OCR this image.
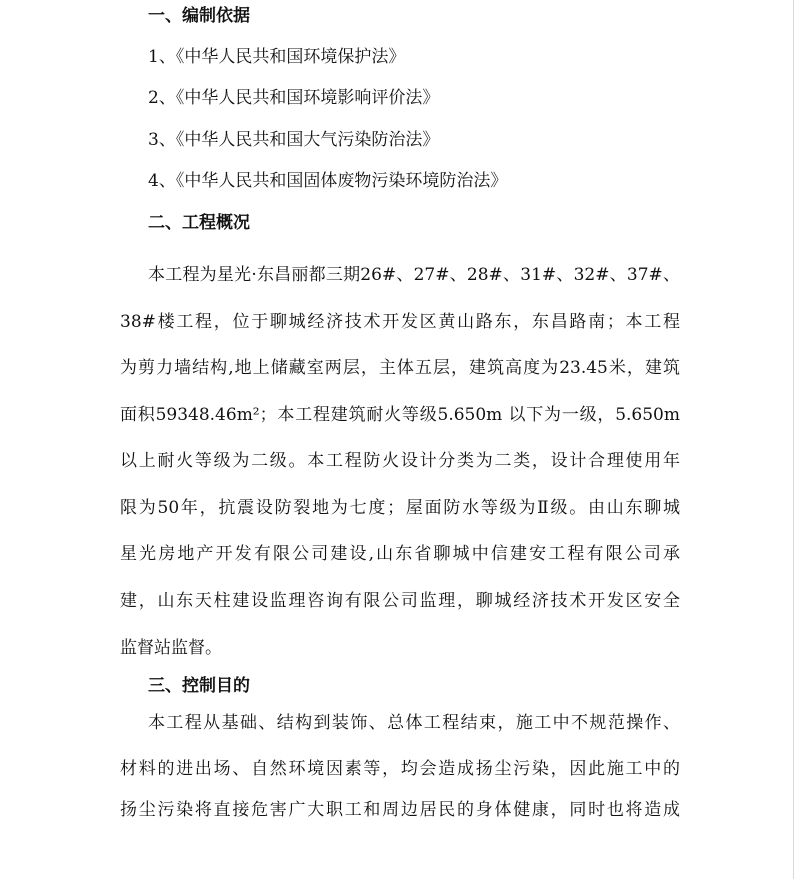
一、编制依据
1、《中华人民共和国环境保护法》
2、《中华人民共和国环境影响评价法》
3、《中华人民共和国大气污染防治法》
4、《中华人民共和国固体废物污染环境防治法》
二、工程概况
本工程为星光·东昌丽都三期26#、27#、28#、31#、32#、37#、
38#楼工程，位于聊城经济技术开发区黄山路东，东昌路南；本工程
为剪力墙结构,地上储藏室两层，主体五层，建筑高度为23.45米，建筑
面积59348.46m²；本工程建筑耐火等级5.650m 以下为一级，5.650m
以上耐火等级为二级。本工程防火设计分类为二类，设计合理使用年
限为50年，抗震设防裂地为七度；屋面防水等级为Ⅱ级。由山东聊城
星光房地产开发有限公司建设,山东省聊城中信建安工程有限公司承
建，山东天柱建设监理咨询有限公司监理，聊城经济技术开发区安全
监督站监督。
三、控制目的
本工程从基础、结构到装饰、总体工程结束，施工中不规范操作、
材料的进出场、自然环境因素等，均会造成扬尘污染，因此施工中的
扬尘污染将直接危害广大职工和周边居民的身体健康，同时也将造成
